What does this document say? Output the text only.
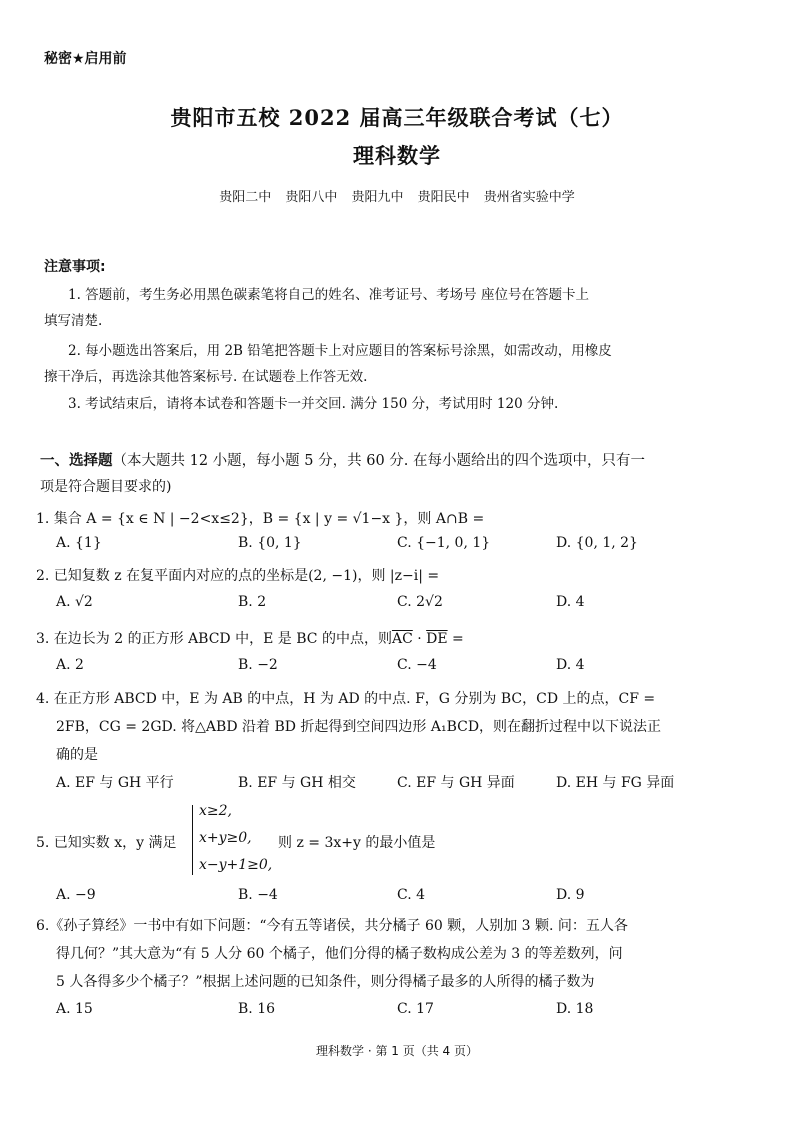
秘密★启用前
贵阳市五校 2022 届高三年级联合考试（七）
理科数学
贵阳二中 贵阳八中 贵阳九中 贵阳民中 贵州省实验中学
注意事项:
1. 答题前，考生务必用黑色碳素笔将自己的姓名、准考证号、考场号 座位号在答题卡上
填写清楚.
2. 每小题选出答案后，用 2B 铅笔把答题卡上对应题目的答案标号涂黑，如需改动，用橡皮
擦干净后，再选涂其他答案标号. 在试题卷上作答无效.
3. 考试结束后，请将本试卷和答题卡一并交回. 满分 150 分，考试用时 120 分钟.
一、选择题（本大题共 12 小题，每小题 5 分，共 60 分. 在每小题给出的四个选项中，只有一
项是符合题目要求的)
1. 集合 A = {x ∈ N | −2<x≤2}，B = {x | y = √1−x }，则 A∩B =
A. {1}	B. {0, 1}	C. {−1, 0, 1}	D. {0, 1, 2}
2. 已知复数 z 在复平面内对应的点的坐标是(2, −1)，则 |z−i| =
A. √2	B. 2	C. 2√2	D. 4
3. 在边长为 2 的正方形 ABCD 中，E 是 BC 的中点，则$\overline{AC} \cdot \overline{DE}$ =
A. 2	B. −2	C. −4	D. 4
4. 在正方形 ABCD 中，E 为 AB 的中点，H 为 AD 的中点. F，G 分别为 BC，CD 上的点，CF =
2FB，CG = 2GD. 将△ABD 沿着 BD 折起得到空间四边形 A₁BCD，则在翻折过程中以下说法正
确的是
A. EF 与 GH 平行	B. EF 与 GH 相交	C. EF 与 GH 异面	D. EH 与 FG 异面
5. 已知实数 x，y 满足
x≥2,
x+y≥0,
x−y+1≥0,
则 z = 3x+y 的最小值是
A. −9	B. −4	C. 4	D. 9
6.《孙子算经》一书中有如下问题：“今有五等诸侯，共分橘子 60 颗，人别加 3 颗. 问：五人各
得几何？”其大意为“有 5 人分 60 个橘子，他们分得的橘子数构成公差为 3 的等差数列，问
5 人各得多少个橘子？”根据上述问题的已知条件，则分得橘子最多的人所得的橘子数为
A. 15	B. 16	C. 17	D. 18
理科数学 · 第 1 页（共 4 页）
